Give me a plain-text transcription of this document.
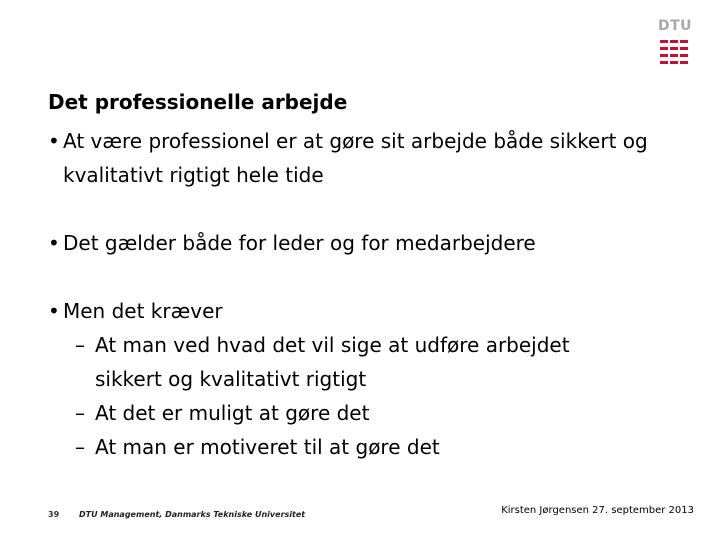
DTU
Det professionelle arbejde
• At være professionel er at gøre sit arbejde både sikkert og kvalitativt rigtigt hele tide
• Det gælder både for leder og for medarbejdere
• Men det kræver
– At man ved hvad det vil sige at udføre arbejdet sikkert og kvalitativt rigtigt
– At det er muligt at gøre det
– At man er motiveret til at gøre det
39 DTU Management, Danmarks Tekniske Universitet	Kirsten Jørgensen 27. september 2013
